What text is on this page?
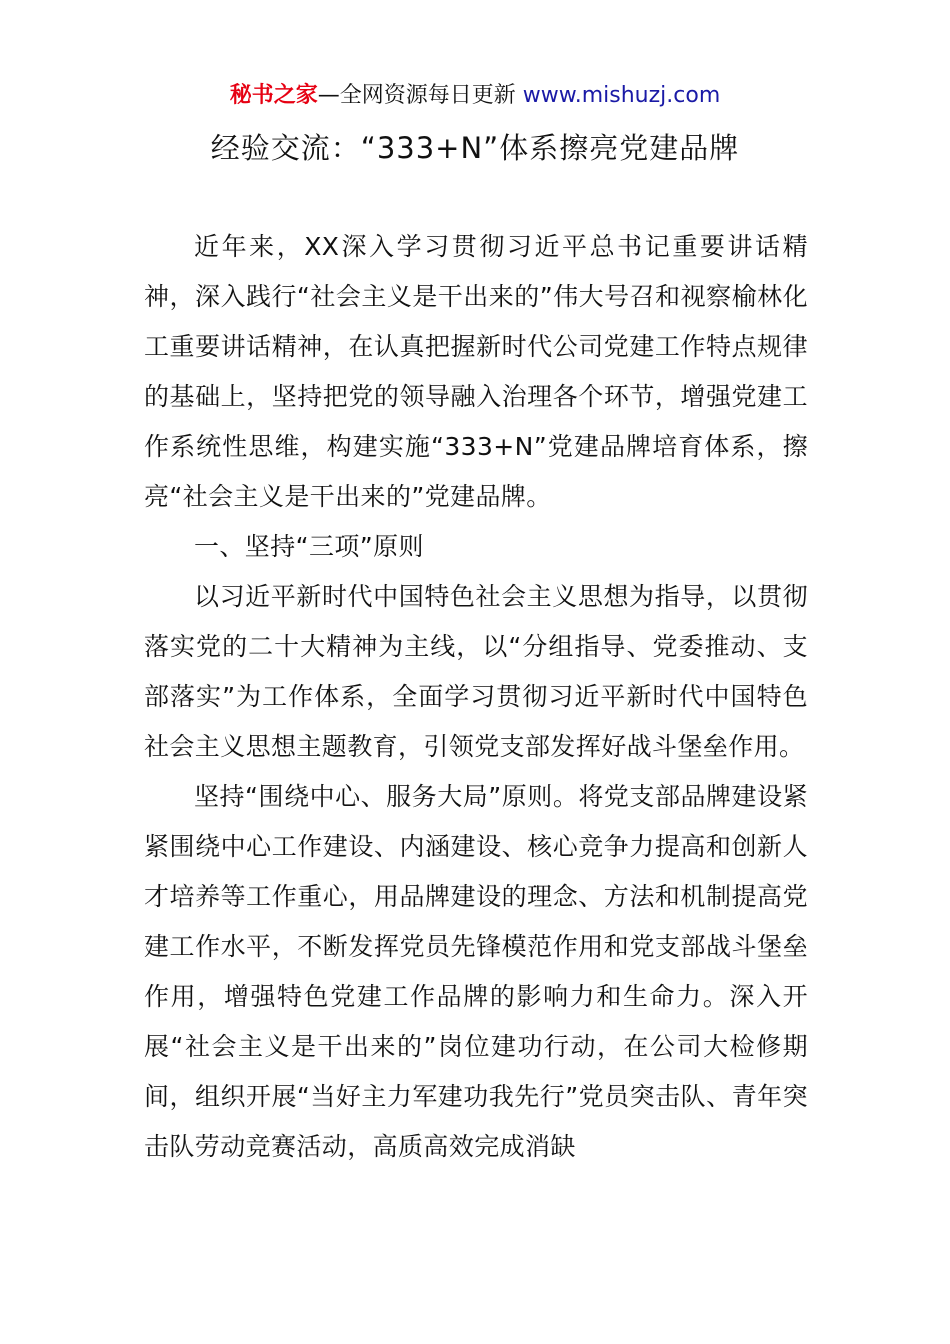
秘书之家—全网资源每日更新 www.mishuzj.com
经验交流：“333+N”体系擦亮党建品牌

近年来，XX深入学习贯彻习近平总书记重要讲话精神，深入践行“社会主义是干出来的”伟大号召和视察榆林化工重要讲话精神，在认真把握新时代公司党建工作特点规律的基础上，坚持把党的领导融入治理各个环节，增强党建工作系统性思维，构建实施“333+N”党建品牌培育体系，擦亮“社会主义是干出来的”党建品牌。

一、坚持“三项”原则

以习近平新时代中国特色社会主义思想为指导，以贯彻落实党的二十大精神为主线，以“分组指导、党委推动、支部落实”为工作体系，全面学习贯彻习近平新时代中国特色社会主义思想主题教育，引领党支部发挥好战斗堡垒作用。

坚持“围绕中心、服务大局”原则。将党支部品牌建设紧紧围绕中心工作建设、内涵建设、核心竞争力提高和创新人才培养等工作重心，用品牌建设的理念、方法和机制提高党建工作水平，不断发挥党员先锋模范作用和党支部战斗堡垒作用，增强特色党建工作品牌的影响力和生命力。深入开展“社会主义是干出来的”岗位建功行动，在公司大检修期间，组织开展“当好主力军建功我先行”党员突击队、青年突击队劳动竞赛活动，高质高效完成消缺
